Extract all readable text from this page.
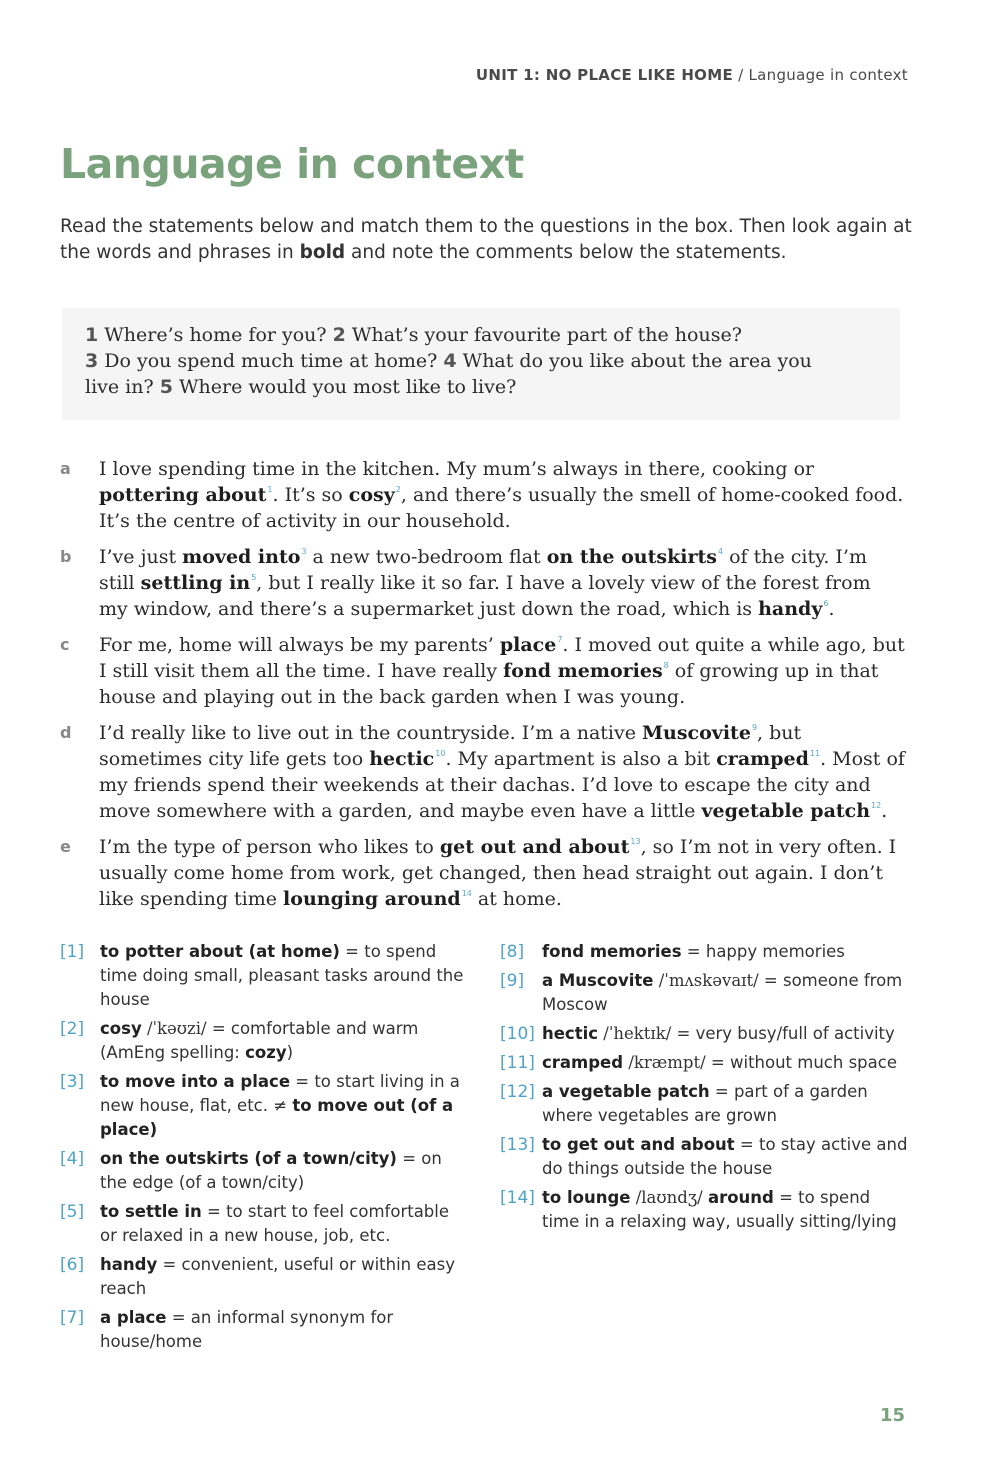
UNIT 1: NO PLACE LIKE HOME / Language in context
Language in context
Read the statements below and match them to the questions in the box. Then look again at the words and phrases in bold and note the comments below the statements.
1 Where’s home for you? 2 What’s your favourite part of the house?
3 Do you spend much time at home? 4 What do you like about the area you live in? 5 Where would you most like to live?
a I love spending time in the kitchen. My mum’s always in there, cooking or pottering about$^1$. It’s so cosy$^2$, and there’s usually the smell of home-cooked food. It’s the centre of activity in our household.
b I’ve just moved into$^3$ a new two-bedroom flat on the outskirts$^4$ of the city. I’m still settling in$^5$, but I really like it so far. I have a lovely view of the forest from my window, and there’s a supermarket just down the road, which is handy$^6$.
c For me, home will always be my parents’ place$^7$. I moved out quite a while ago, but I still visit them all the time. I have really fond memories$^8$ of growing up in that house and playing out in the back garden when I was young.
d I’d really like to live out in the countryside. I’m a native Muscovite$^9$, but sometimes city life gets too hectic$^{10}$. My apartment is also a bit cramped$^{11}$. Most of my friends spend their weekends at their dachas. I’d love to escape the city and move somewhere with a garden, and maybe even have a little vegetable patch$^{12}$.
e I’m the type of person who likes to get out and about$^{13}$, so I’m not in very often. I usually come home from work, get changed, then head straight out again. I don’t like spending time lounging around$^{14}$ at home.
[1] to potter about (at home) = to spend time doing small, pleasant tasks around the house
[2] cosy /ˈkəʊzi/ = comfortable and warm (AmEng spelling: cozy)
[3] to move into a place = to start living in a new house, flat, etc. ≠ to move out (of a place)
[4] on the outskirts (of a town/city) = on the edge (of a town/city)
[5] to settle in = to start to feel comfortable or relaxed in a new house, job, etc.
[6] handy = convenient, useful or within easy reach
[7] a place = an informal synonym for house/home
[8] fond memories = happy memories
[9] a Muscovite /ˈmʌskəvaɪt/ = someone from Moscow
[10] hectic /ˈhektɪk/ = very busy/full of activity
[11] cramped /kræmpt/ = without much space
[12] a vegetable patch = part of a garden where vegetables are grown
[13] to get out and about = to stay active and do things outside the house
[14] to lounge /laʊndʒ/ around = to spend time in a relaxing way, usually sitting/lying
15
